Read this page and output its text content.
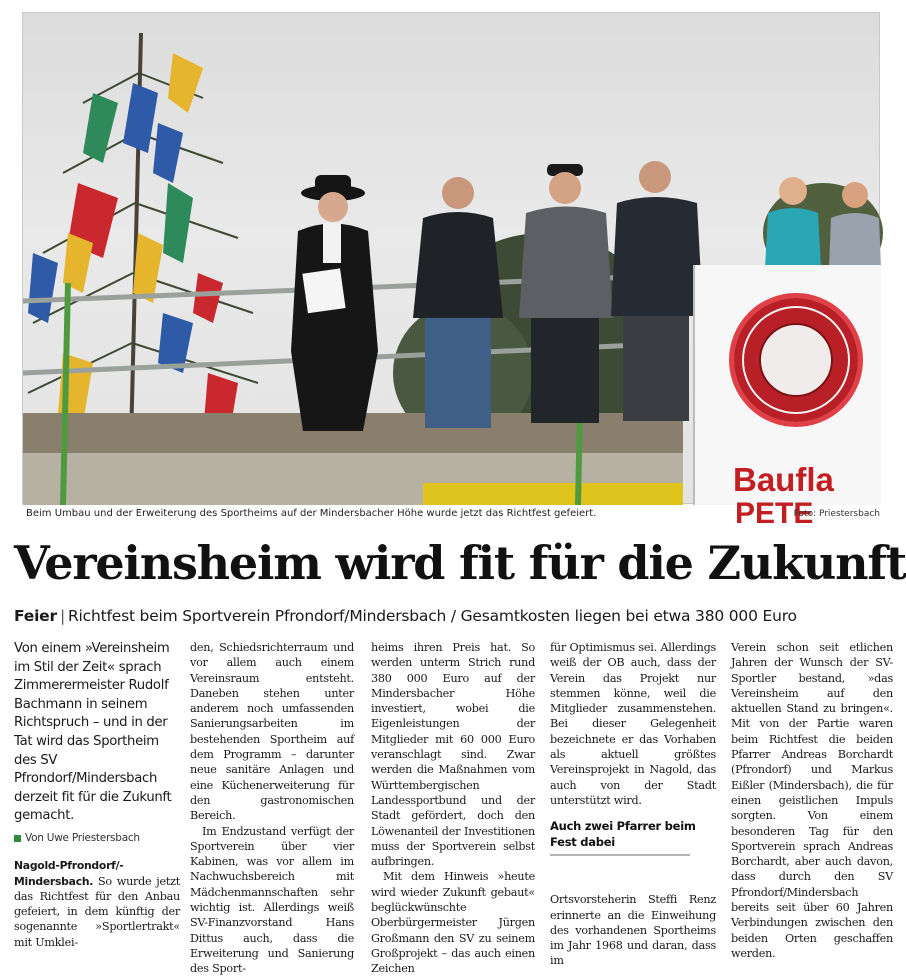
Baufla
PETE
Beim Umbau und der Erweiterung des Sportheims auf der Mindersbacher Höhe wurde jetzt das Richtfest gefeiert.	Foto: Priestersbach
Vereinsheim wird fit für die Zukunft
Feier | Richtfest beim Sportverein Pfrondorf/Mindersbach / Gesamtkosten liegen bei etwa 380 000 Euro

Von einem »Vereinsheim im Stil der Zeit« sprach Zimmerermeister Rudolf Bachmann in seinem Richtspruch – und in der Tat wird das Sportheim des SV Pfrondorf/Mindersbach derzeit fit für die Zukunft gemacht.

Von Uwe Priestersbach

Nagold-Pfrondorf/-Mindersbach. So wurde jetzt das Richtfest für den Anbau gefeiert, in dem künftig der sogenannte »Sportlertrakt« mit Umklei-

den, Schiedsrichterraum und vor allem auch einem Vereinsraum entsteht. Daneben stehen unter anderem noch umfassenden Sanierungsarbeiten im bestehenden Sportheim auf dem Programm – darunter neue sanitäre Anlagen und eine Küchenerweiterung für den gastronomischen Bereich.

Im Endzustand verfügt der Sportverein über vier Kabinen, was vor allem im Nachwuchsbereich mit Mädchenmannschaften sehr wichtig ist. Allerdings weiß SV-Finanzvorstand Hans Dittus auch, dass die Erweiterung und Sanierung des Sport-

heims ihren Preis hat. So werden unterm Strich rund 380 000 Euro auf der Mindersbacher Höhe investiert, wobei die Eigenleistungen der Mitglieder mit 60 000 Euro veranschlagt sind. Zwar werden die Maßnahmen vom Württembergischen Landessportbund und der Stadt gefördert, doch den Löwenanteil der Investitionen muss der Sportverein selbst aufbringen.

Mit dem Hinweis »heute wird wieder Zukunft gebaut« beglückwünschte Oberbürgermeister Jürgen Großmann den SV zu seinem Großprojekt – das auch einen Zeichen

für Optimismus sei. Allerdings weiß der OB auch, dass der Verein das Projekt nur stemmen könne, weil die Mitglieder zusammenstehen. Bei dieser Gelegenheit bezeichnete er das Vorhaben als aktuell größtes Vereinsprojekt in Nagold, das auch von der Stadt unterstützt wird.

Auch zwei Pfarrer beim Fest dabei

Ortsvorsteherin Steffi Renz erinnerte an die Einweihung des vorhandenen Sportheims im Jahr 1968 und daran, dass im

Verein schon seit etlichen Jahren der Wunsch der SV-Sportler bestand, »das Vereinsheim auf den aktuellen Stand zu bringen«. Mit von der Partie waren beim Richtfest die beiden Pfarrer Andreas Borchardt (Pfrondorf) und Markus Eißler (Mindersbach), die für einen geistlichen Impuls sorgten. Von einem besonderen Tag für den Sportverein sprach Andreas Borchardt, aber auch davon, dass durch den SV Pfrondorf/Mindersbach bereits seit über 60 Jahren Verbindungen zwischen den beiden Orten geschaffen werden.
